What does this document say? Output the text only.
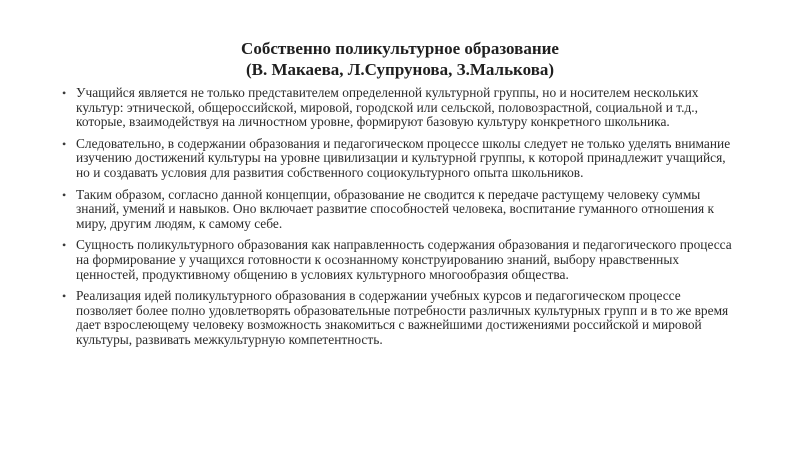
Собственно поликультурное образование
(В. Макаева, Л.Супрунова, З.Малькова)
• Учащийся является не только представителем определенной культурной группы, но и носителем нескольких культур: этнической, общероссийской, мировой, городской или сельской, половозрастной, социальной и т.д., которые, взаимодействуя на личностном уровне, формируют базовую культуру конкретного школьника.
• Следовательно, в содержании образования и педагогическом процессе школы следует не только уделять внимание изучению достижений культуры на уровне цивилизации и культурной группы, к которой принадлежит учащийся, но и создавать условия для развития собственного социокультурного опыта школьников.
• Таким образом, согласно данной концепции, образование не сводится к передаче растущему человеку суммы знаний, умений и навыков. Оно включает развитие способностей человека, воспитание гуманного отношения к миру, другим людям, к самому себе.
• Сущность поликультурного образования как направленность содержания образования и педагогического процесса на формирование у учащихся готовности к осознанному конструированию знаний, выбору нравственных ценностей, продуктивному общению в условиях культурного многообразия общества.
• Реализация идей поликультурного образования в содержании учебных курсов и педагогическом процессе позволяет более полно удовлетворять образовательные потребности различных культурных групп и в то же время дает взрослеющему человеку возможность знакомиться с важнейшими достижениями российской и мировой культуры, развивать межкультурную компетентность.
